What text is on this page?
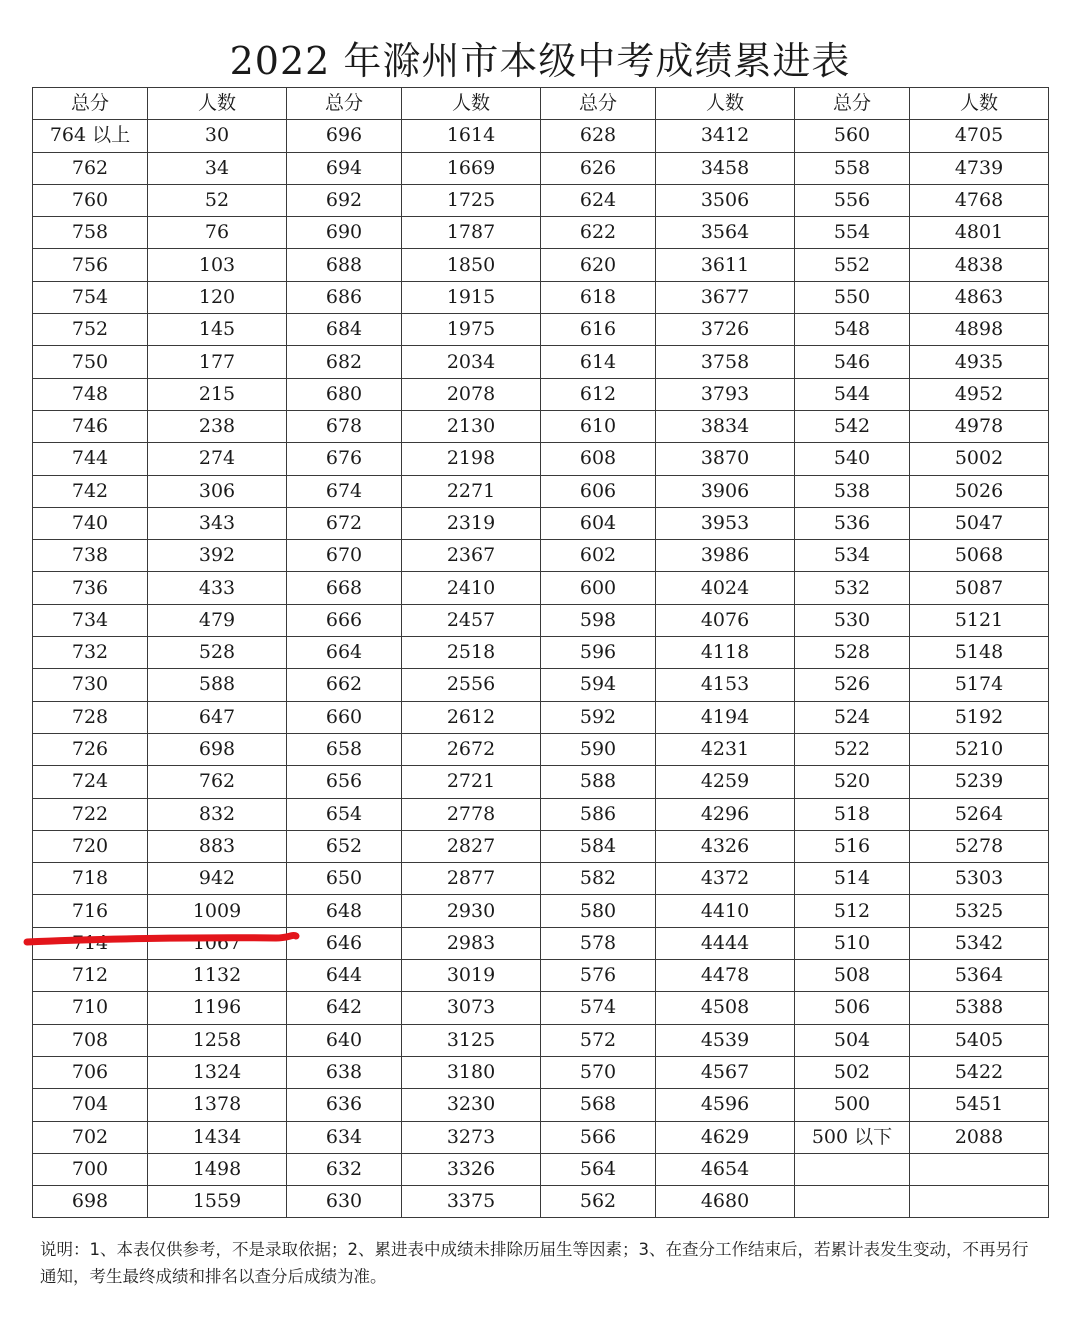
2022 年滁州市本级中考成绩累进表
总分	人数	总分	人数	总分	人数	总分	人数
764 以上	30	696	1614	628	3412	560	4705
762	34	694	1669	626	3458	558	4739
760	52	692	1725	624	3506	556	4768
758	76	690	1787	622	3564	554	4801
756	103	688	1850	620	3611	552	4838
754	120	686	1915	618	3677	550	4863
752	145	684	1975	616	3726	548	4898
750	177	682	2034	614	3758	546	4935
748	215	680	2078	612	3793	544	4952
746	238	678	2130	610	3834	542	4978
744	274	676	2198	608	3870	540	5002
742	306	674	2271	606	3906	538	5026
740	343	672	2319	604	3953	536	5047
738	392	670	2367	602	3986	534	5068
736	433	668	2410	600	4024	532	5087
734	479	666	2457	598	4076	530	5121
732	528	664	2518	596	4118	528	5148
730	588	662	2556	594	4153	526	5174
728	647	660	2612	592	4194	524	5192
726	698	658	2672	590	4231	522	5210
724	762	656	2721	588	4259	520	5239
722	832	654	2778	586	4296	518	5264
720	883	652	2827	584	4326	516	5278
718	942	650	2877	582	4372	514	5303
716	1009	648	2930	580	4410	512	5325
714	1067	646	2983	578	4444	510	5342
712	1132	644	3019	576	4478	508	5364
710	1196	642	3073	574	4508	506	5388
708	1258	640	3125	572	4539	504	5405
706	1324	638	3180	570	4567	502	5422
704	1378	636	3230	568	4596	500	5451
702	1434	634	3273	566	4629	500 以下	2088
700	1498	632	3326	564	4654		
698	1559	630	3375	562	4680		
说明：1、本表仅供参考，不是录取依据；2、累进表中成绩未排除历届生等因素；3、在查分工作结束后，若累计表发生变动，不再另行通知，考生最终成绩和排名以查分后成绩为准。
